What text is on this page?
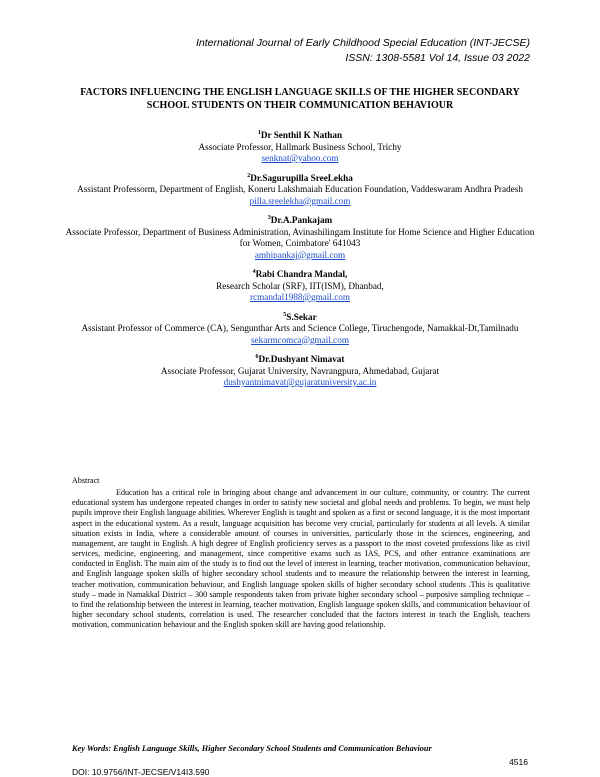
International Journal of Early Childhood Special Education (INT-JECSE)
ISSN: 1308-5581 Vol 14, Issue 03 2022
FACTORS INFLUENCING THE ENGLISH LANGUAGE SKILLS OF THE HIGHER SECONDARY SCHOOL STUDENTS ON THEIR COMMUNICATION BEHAVIOUR
$^1$Dr Senthil K Nathan
Associate Professor, Hallmark Business School, Trichy
senknat@yahoo.com
$^2$Dr.Sagurupilla SreeLekha
Assistant Professorm, Department of English, Koneru Lakshmaiah Education Foundation, Vaddeswaram Andhra Pradesh
pilla.sreelekha@gmail.com
$^3$Dr.A.Pankajam
Associate Professor, Department of Business Administration, Avinashilingam Institute for Home Science and Higher Education for Women, Coimbatore' 641043
ambipankaj@gmail.com
$^4$Rabi Chandra Mandal,
Research Scholar (SRF), IIT(ISM), Dhanbad,
rcmandal1988@gmail.com
$^5$S.Sekar
Assistant Professor of Commerce (CA), Sengunthar Arts and Science College, Tiruchengode, Namakkal-Dt,Tamilnadu
sekarmcomca@gmail.com
$^6$Dr.Dushyant Nimavat
Associate Professor, Gujarat University, Navrangpura, Ahmedabad, Gujarat
dushyantnimavat@gujaratuniversity.ac.in
Abstract
Education has a critical role in bringing about change and advancement in our culture, community, or country. The current educational system has undergone repeated changes in order to satisfy new societal and global needs and problems. To begin, we must help pupils improve their English language abilities. Wherever English is taught and spoken as a first or second language, it is the most important aspect in the educational system. As a result, language acquisition has become very crucial, particularly for students at all levels. A similar situation exists in India, where a considerable amount of courses in universities, particularly those in the sciences, engineering, and management, are taught in English. A high degree of English proficiency serves as a passport to the most coveted professions like as civil services, medicine, engineering, and management, since competitive exams such as IAS, PCS, and other entrance examinations are conducted in English. The main aim of the study is to find out the level of interest in learning, teacher motivation, communication behaviour, and English language spoken skills of higher secondary school students and to measure the relationship between the interest in learning, teacher motivation, communication behaviour, and English language spoken skills of higher secondary school students .This is qualitative study – made in Namakkal District – 300 sample respondents taken from private higher secondary school – purposive sampling technique – to find the relationship between the interest in learning, teacher motivation, English language spoken skills, and communication behaviour of higher secondary school students, correlation is used. The researcher concluded that the factors interest in teach the English, teachers motivation, communication behaviour and the English spoken skill are having good relationship.
Key Words: English Language Skills, Higher Secondary School Students and Communication Behaviour
4516
DOI: 10.9756/INT-JECSE/V14I3.590
